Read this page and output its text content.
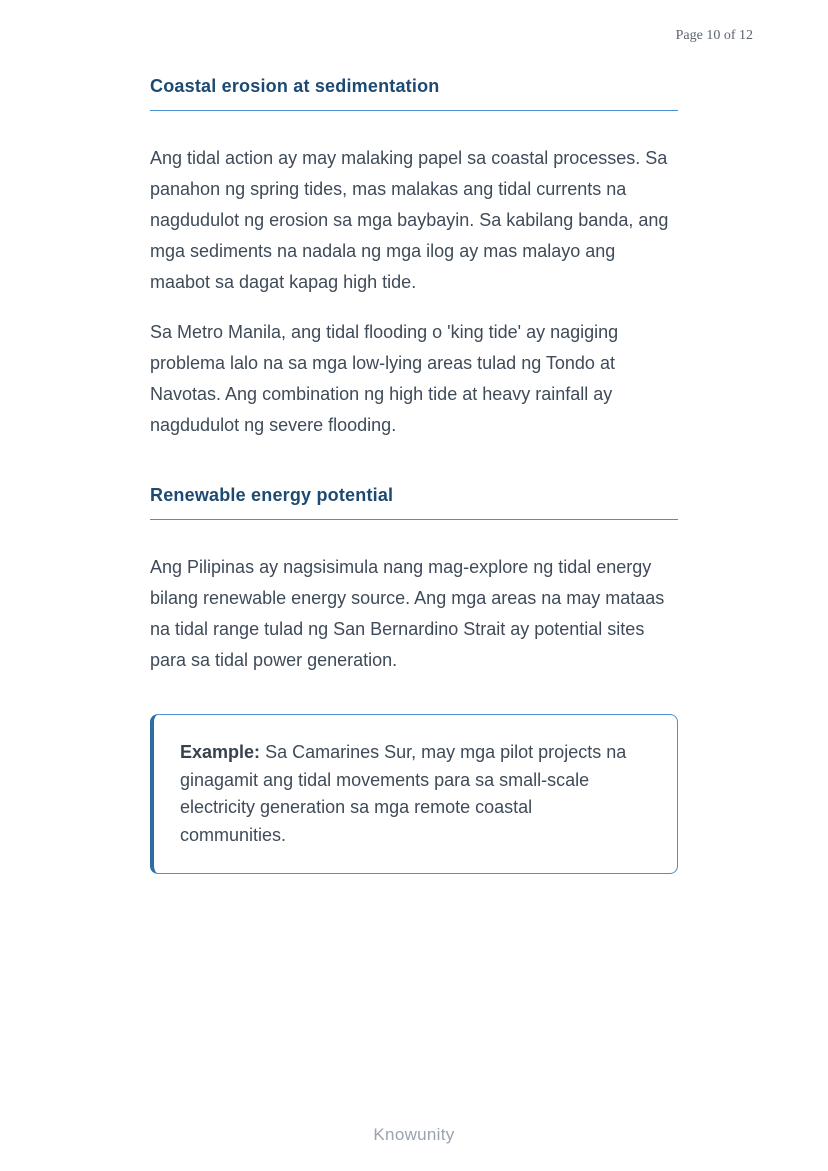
Page 10 of 12
Coastal erosion at sedimentation

Ang tidal action ay may malaking papel sa coastal processes. Sa panahon ng spring tides, mas malakas ang tidal currents na nagdudulot ng erosion sa mga baybayin. Sa kabilang banda, ang mga sediments na nadala ng mga ilog ay mas malayo ang maabot sa dagat kapag high tide.

Sa Metro Manila, ang tidal flooding o 'king tide' ay nagiging problema lalo na sa mga low-lying areas tulad ng Tondo at Navotas. Ang combination ng high tide at heavy rainfall ay nagdudulot ng severe flooding.

Renewable energy potential

Ang Pilipinas ay nagsisimula nang mag-explore ng tidal energy bilang renewable energy source. Ang mga areas na may mataas na tidal range tulad ng San Bernardino Strait ay potential sites para sa tidal power generation.

Example: Sa Camarines Sur, may mga pilot projects na ginagamit ang tidal movements para sa small-scale electricity generation sa mga remote coastal communities.
Knowunity
